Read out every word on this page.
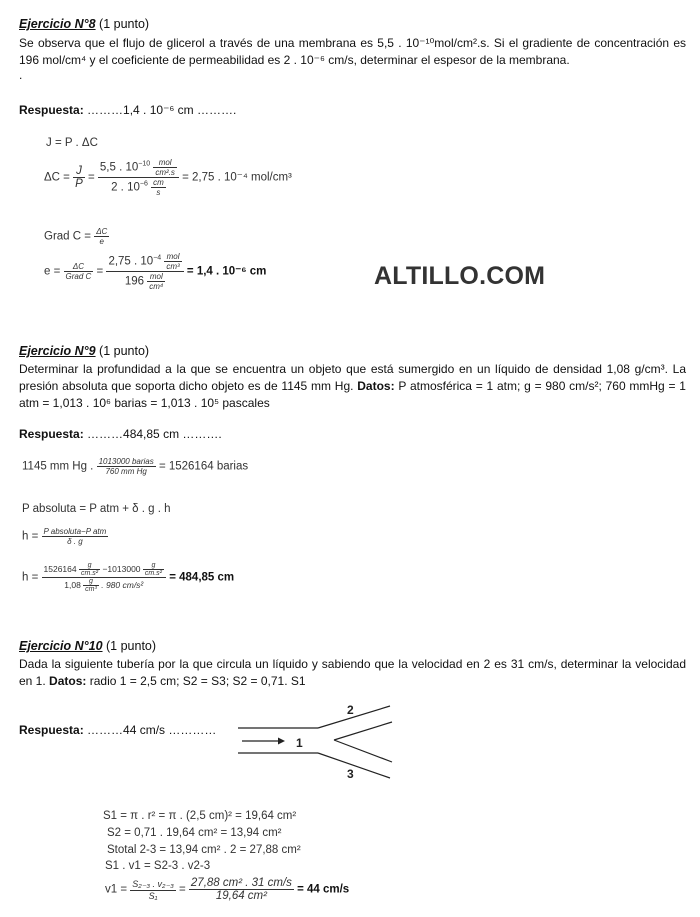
ALTILLO.COM
Ejercicio N°8 (1 punto)

Se observa que el flujo de glicerol a través de una membrana es 5,5 . 10⁻¹⁰mol/cm².s. Si el gradiente de concentración es 196 mol/cm⁴ y el coeficiente de permeabilidad es 2 . 10⁻⁶ cm/s, determinar el espesor de la membrana.

.
Respuesta: ………1,4 . 10⁻⁶ cm ……….
J = P . ΔC
$\Delta C = \frac{J}{P} = \frac{5,5 . 10^{-10} \frac{\text{mol}}{\text{cm².s}}}{2 . 10^{-6} \frac{cm}{s}} = 2,75$ . 10⁻⁴ mol/cm³
Grad $C = \frac{\Delta C}{e}$
$e = \frac{\Delta C}{\text{Grad C}} = \frac{2,75 . 10^{-4} \frac{\text{mol}}{\text{cm³}}}{196 \frac{\text{mol}}{\text{cm⁴}}} = 1,4$ . 10⁻⁶ cm
Ejercicio N°9 (1 punto)

Determinar la profundidad a la que se encuentra un objeto que está sumergido en un líquido de densidad 1,08 g/cm³. La presión absoluta que soporta dicho objeto es de 1145 mm Hg. Datos: P atmosférica = 1 atm; g = 980 cm/s²; 760 mmHg = 1 atm = 1,013 . 10⁶ barias = 1,013 . 10⁵ pascales

Respuesta: ………484,85 cm ……….
1145 mm Hg . $\frac{\text{1013000 barias}}{\text{760 mm Hg}} = 1526164$ barias
P absoluta = P atm + δ . g . h
$h = \frac{\text{P absoluta−P atm}}{\delta . g}$
$h = \frac{1526164 \frac{g}{\text{cm.s²}} -1013000 \frac{g}{\text{cm.s²}}}{1,08 \frac{g}{\text{cm³}} . 980 cm/s^2} = 484,85$ cm
Ejercicio N°10 (1 punto)

Dada la siguiente tubería por la que circula un líquido y sabiendo que la velocidad en 2 es 31 cm/s, determinar la velocidad en 1. Datos: radio 1 = 2,5 cm; S2 = S3; S2 = 0,71. S1

Respuesta: ………44 cm/s …………
1
2
3
S1 = π . r² = π . (2,5 cm)² = 19,64 cm²
S2 = 0,71 . 19,64 cm² = 13,94 cm²
Stotal 2-3 = 13,94 cm² . 2 = 27,88 cm²
S1 . v1 = S2-3 . v2-3
$v1 = \frac{\text{S₂₋₃ . v₂₋₃}}{\text{S₁}} = \frac{\text{27,88 cm² . 31 cm/s}}{\text{19,64 cm²}} = 44$ cm/s
